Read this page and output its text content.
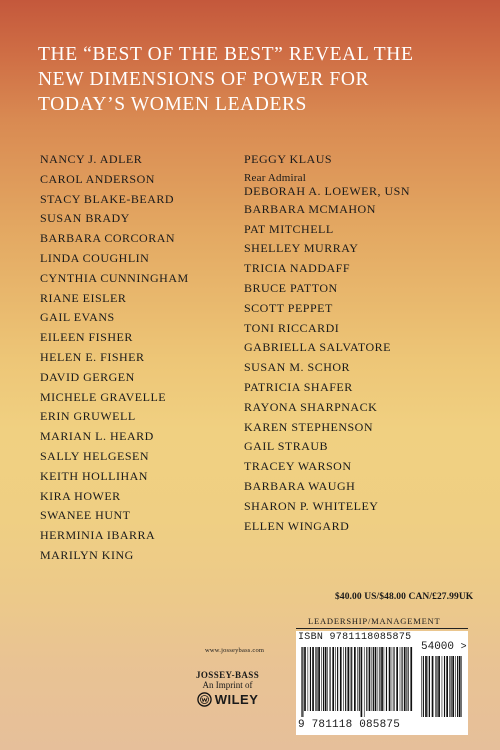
THE “BEST OF THE BEST” REVEAL THE
NEW DIMENSIONS OF POWER FOR
TODAY’S WOMEN LEADERS
NANCY J. ADLER
CAROL ANDERSON
STACY BLAKE-BEARD
SUSAN BRADY
BARBARA CORCORAN
LINDA COUGHLIN
CYNTHIA CUNNINGHAM
RIANE EISLER
GAIL EVANS
EILEEN FISHER
HELEN E. FISHER
DAVID GERGEN
MICHELE GRAVELLE
ERIN GRUWELL
MARIAN L. HEARD
SALLY HELGESEN
KEITH HOLLIHAN
KIRA HOWER
SWANEE HUNT
HERMINIA IBARRA
MARILYN KING
PEGGY KLAUS
Rear Admiral
DEBORAH A. LOEWER, USN
BARBARA MCMAHON
PAT MITCHELL
SHELLEY MURRAY
TRICIA NADDAFF
BRUCE PATTON
SCOTT PEPPET
TONI RICCARDI
GABRIELLA SALVATORE
SUSAN M. SCHOR
PATRICIA SHAFER
RAYONA SHARPNACK
KAREN STEPHENSON
GAIL STRAUB
TRACEY WARSON
BARBARA WAUGH
SHARON P. WHITELEY
ELLEN WINGARD
$40.00 US/$48.00 CAN/£27.99UK
LEADERSHIP/MANAGEMENT
ISBN 9781118085875
54000 >
9 781118 085875
www.josseybass.com
JOSSEY-BASS
An Imprint of
WILEY
